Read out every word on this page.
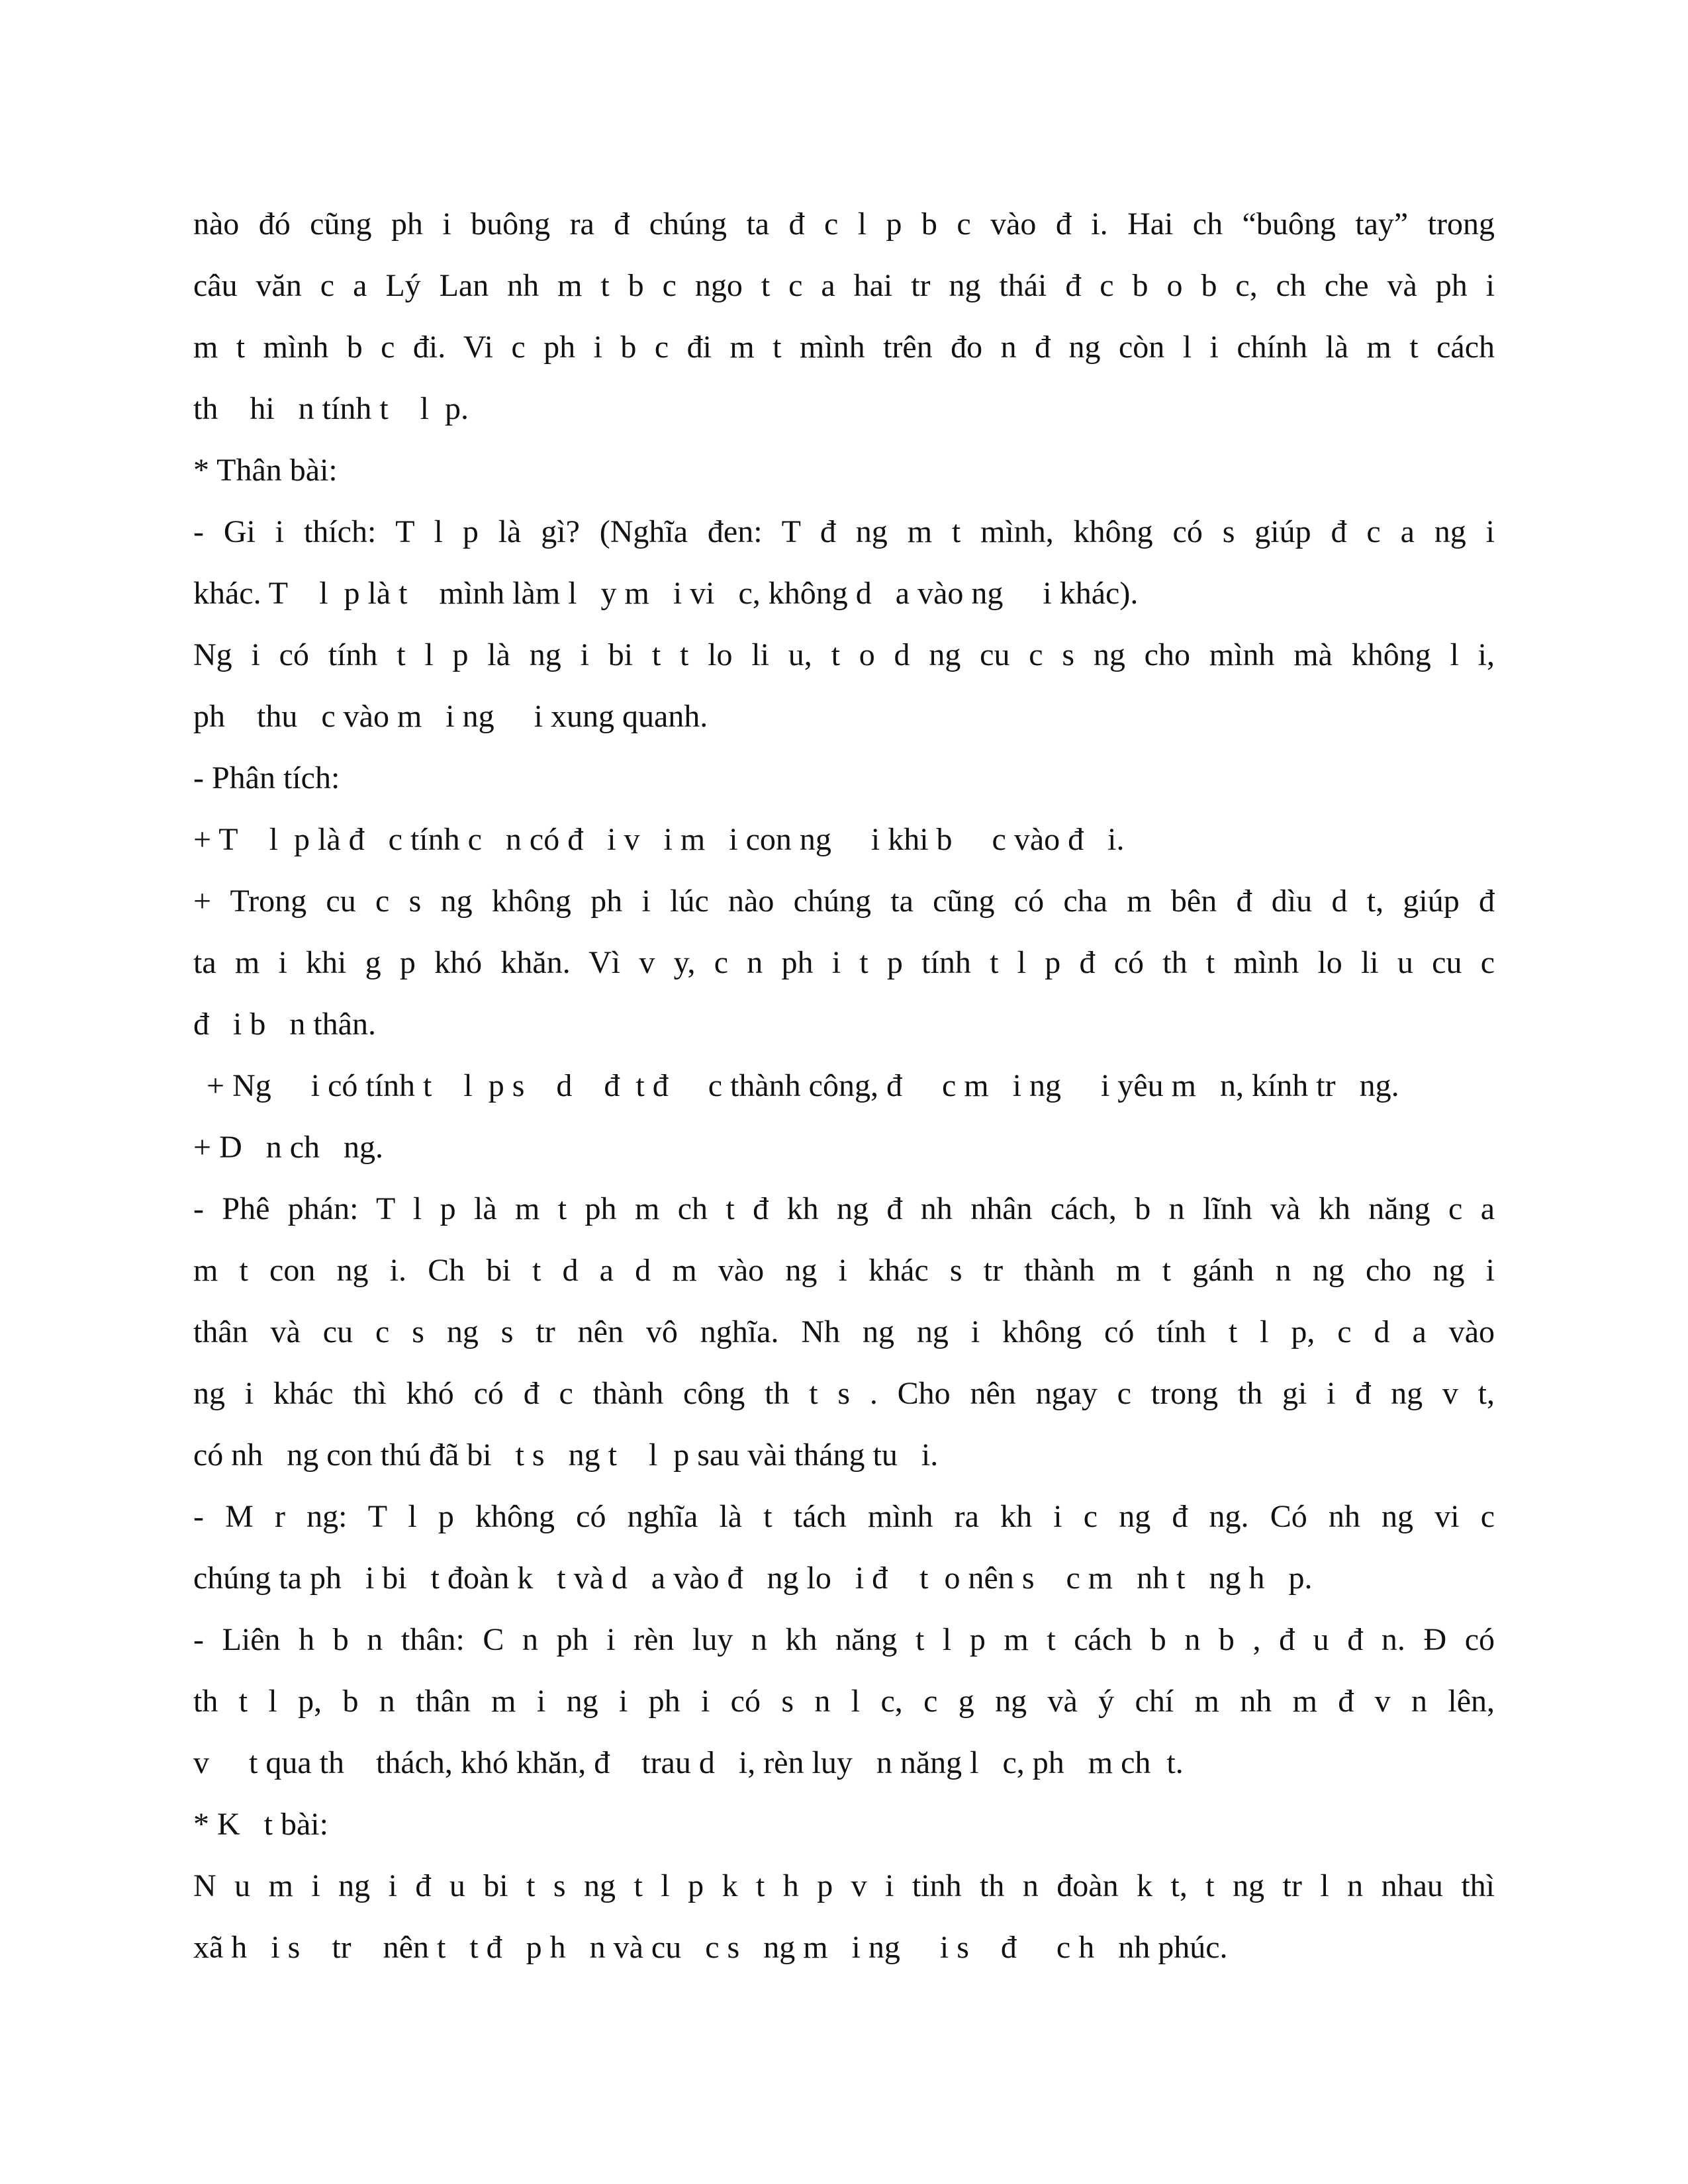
nào đó cũng ph i buông ra đ chúng ta đ c l p b c vào đ i. Hai ch “buông tay” trong
câu văn c a Lý Lan nh m t b c ngo t c a hai tr ng thái đ c b o b c, ch che và ph i
m t mình b c đi. Vi c ph i b c đi m t mình trên đo n đ ng còn l i chính là m t cách
th    hi   n tính t    l  p.
* Thân bài:
- Gi i thích: T l p là gì? (Nghĩa đen: T đ ng m t mình, không có s giúp đ c a ng i
khác. T    l  p là t    mình làm l   y m   i vi   c, không d   a vào ng     i khác).
Ng i có tính t l p là ng i bi t t lo li u, t o d ng cu c s ng cho mình mà không l i,
ph    thu   c vào m   i ng     i xung quanh.
- Phân tích:
+ T    l  p là đ   c tính c   n có đ   i v   i m   i con ng     i khi b     c vào đ   i.
+ Trong cu c s ng không ph i lúc nào chúng ta cũng có cha m bên đ dìu d t, giúp đ
ta m i khi g p khó khăn. Vì v y, c n ph i t p tính t l p đ có th t mình lo li u cu c
đ   i b   n thân.
+ Ng     i có tính t    l  p s    d    đ  t đ     c thành công, đ     c m   i ng     i yêu m   n, kính tr   ng.
+ D   n ch   ng.
- Phê phán: T l p là m t ph m ch t đ kh ng đ nh nhân cách, b n lĩnh và kh năng c a
m t con ng i. Ch bi t d a d m vào ng i khác s tr thành m t gánh n ng cho ng i
thân và cu c s ng s tr nên vô nghĩa. Nh ng ng i không có tính t l p, c d a vào
ng i khác thì khó có đ c thành công th t s . Cho nên ngay c trong th gi i đ ng v t,
có nh   ng con thú đã bi   t s   ng t    l  p sau vài tháng tu   i.
- M r ng: T l p không có nghĩa là t tách mình ra kh i c ng đ ng. Có nh ng vi c
chúng ta ph   i bi   t đoàn k   t và d   a vào đ   ng lo   i đ    t  o nên s    c m   nh t   ng h   p.
- Liên h b n thân: C n ph i rèn luy n kh năng t l p m t cách b n b , đ u đ n. Đ có
th t l p, b n thân m i ng i ph i có s n l c, c g ng và ý chí m nh m đ v n lên,
v     t qua th    thách, khó khăn, đ    trau d   i, rèn luy   n năng l   c, ph   m ch  t.
* K   t bài:
N u m i ng i đ u bi t s ng t l p k t h p v i tinh th n đoàn k t, t ng tr l n nhau thì
xã h   i s    tr    nên t   t đ   p h   n và cu   c s   ng m   i ng     i s    đ     c h   nh phúc.
